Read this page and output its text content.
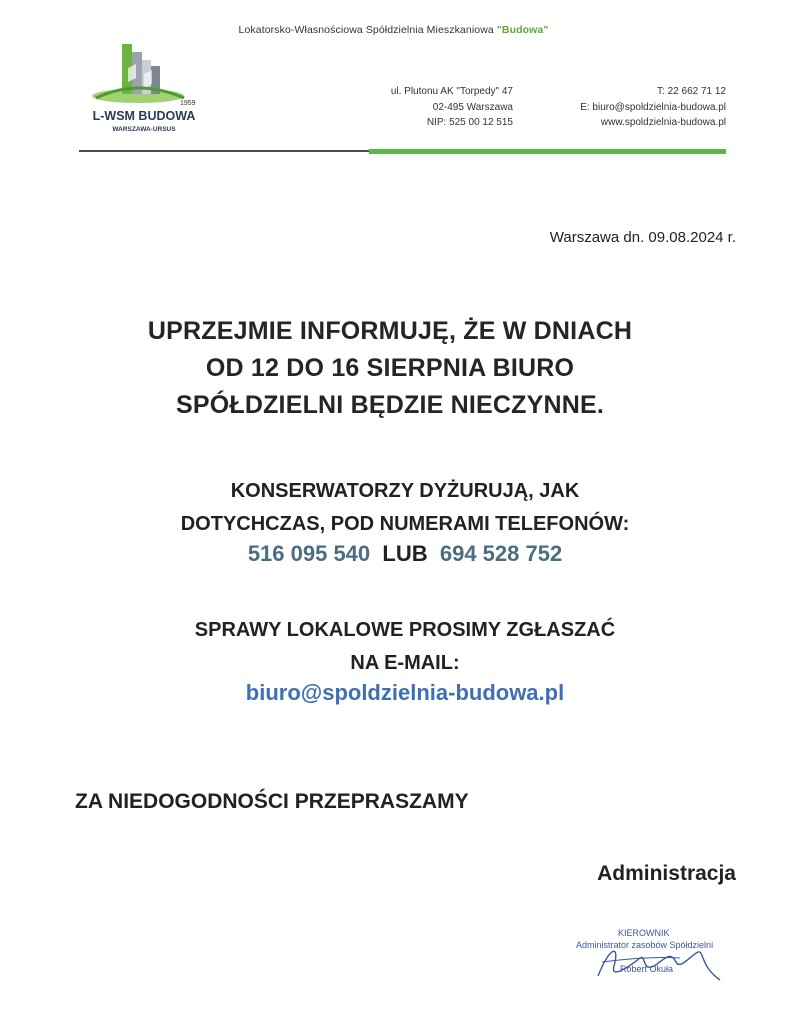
Lokatorsko-Własnościowa Spółdzielnia Mieszkaniowa "Budowa"
1959
L-WSM BUDOWA
WARSZAWA-URSUS
ul. Plutonu AK "Torpedy" 47
02-495 Warszawa
NIP: 525 00 12 515
T: 22 662 71 12
E: biuro@spoldzielnia-budowa.pl
www.spoldzielnia-budowa.pl
Warszawa dn. 09.08.2024 r.
UPRZEJMIE INFORMUJĘ, ŻE W DNIACH
OD 12 DO 16 SIERPNIA BIURO
SPÓŁDZIELNI BĘDZIE NIECZYNNE.
KONSERWATORZY DYŻURUJĄ, JAK
DOTYCHCZAS, POD NUMERAMI TELEFONÓW:
516 095 540 LUB 694 528 752
SPRAWY LOKALOWE PROSIMY ZGŁASZAĆ
NA E-MAIL:
biuro@spoldzielnia-budowa.pl
ZA NIEDOGODNOŚCI PRZEPRASZAMY
Administracja
KIEROWNIK
Administrator zasobów Spółdzielni
Robert Okuła
